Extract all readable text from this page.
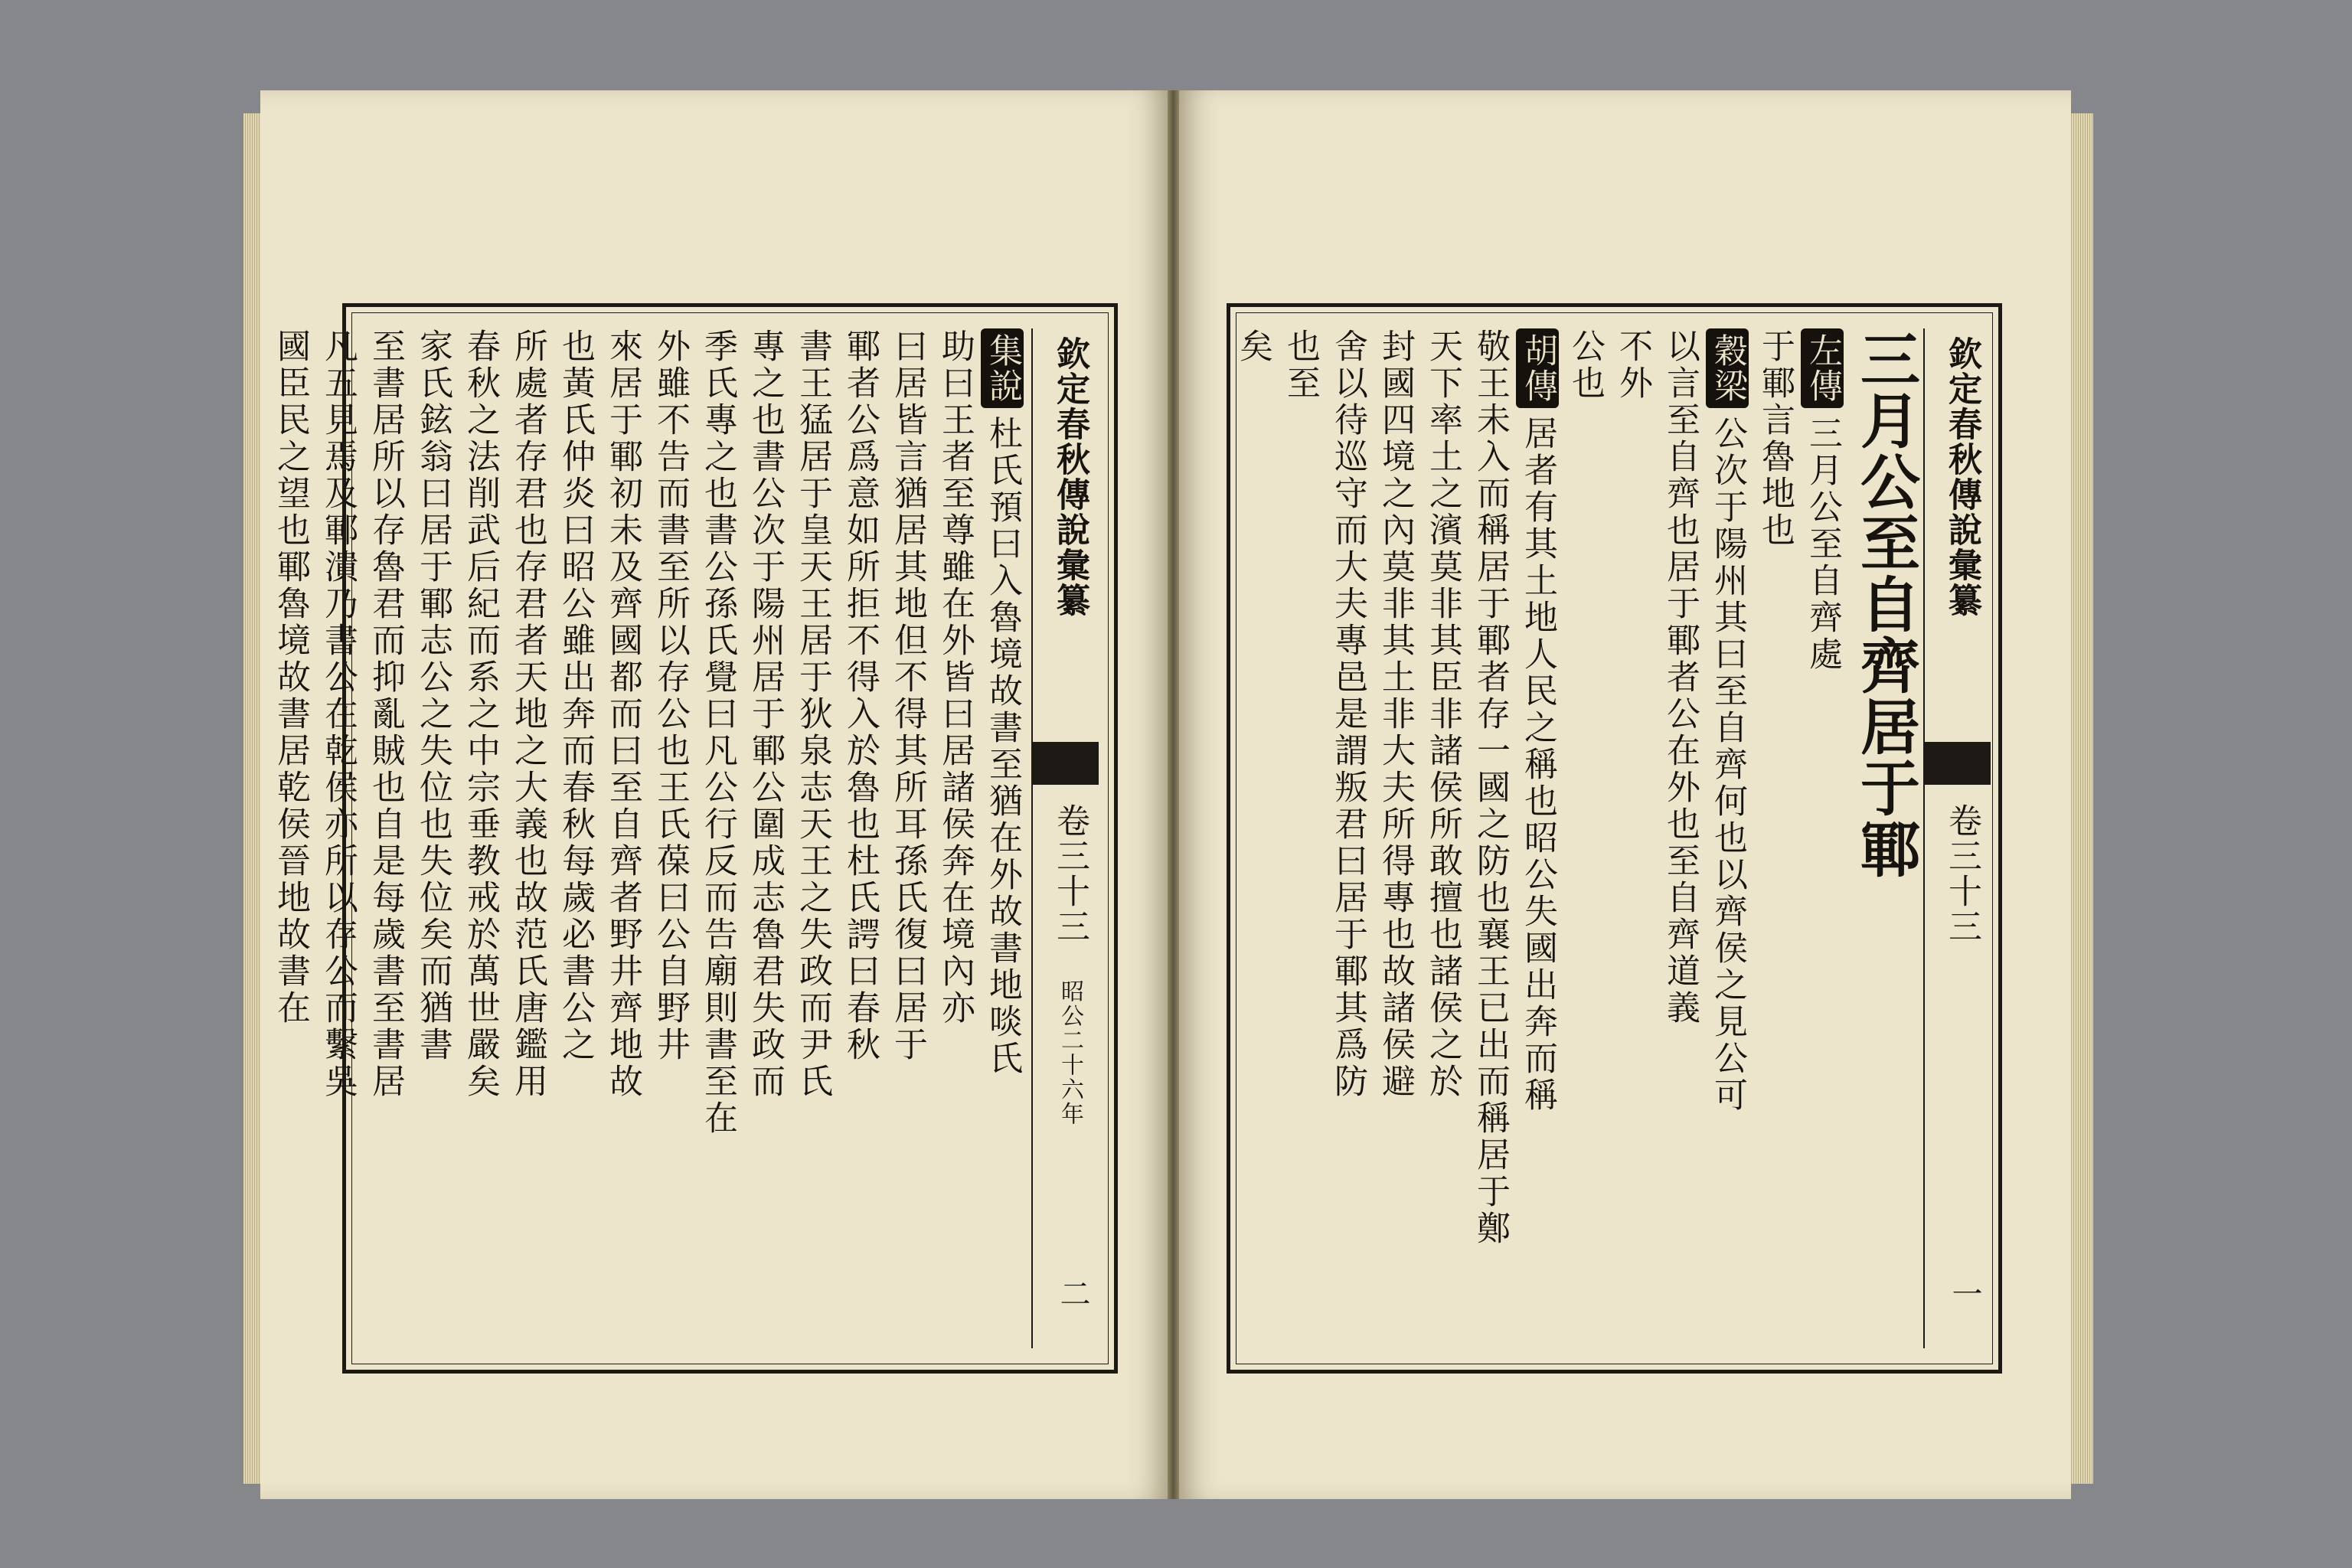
集說杜氏預曰入魯境故書至猶在外故書地啖氏
助曰王者至尊雖在外皆曰居諸侯奔在境內亦
曰居皆言猶居其地但不得其所耳孫氏復曰居于
鄆者公爲意如所拒不得入於魯也杜氏諤曰春秋
書王猛居于皇天王居于狄泉志天王之失政而尹氏
專之也書公次于陽州居于鄆公圍成志魯君失政而
季氏專之也書公孫氏覺曰凡公行反而告廟則書至在
外雖不告而書至所以存公也王氏葆曰公自野井
來居于鄆初未及齊國都而曰至自齊者野井齊地故
也黃氏仲炎曰昭公雖出奔而春秋每歲必書公之
所處者存君也存君者天地之大義也故范氏唐鑑用
春秋之法削武后紀而系之中宗垂教戒於萬世嚴矣
家氏鉉翁曰居于鄆志公之失位也失位矣而猶書
至書居所以存魯君而抑亂賊也自是每歲書至書居
凡五見焉及鄆潰乃書公在乾侯亦所以存公而繫吳
國臣民之望也鄆魯境故書居乾侯晉地故書在	欽定春秋傳說彙纂
卷三十三
昭公二十六年
二
三月公至自齊居于鄆
左傳三月公至自齊處
于鄆言魯地也
穀梁公次于陽州其曰至自齊何也以齊侯之見公可
以言至自齊也居于鄆者公在外也至自齊道義
不外
公也
胡傳居者有其土地人民之稱也昭公失國出奔而稱
敬王未入而稱居于鄆者存一國之防也襄王已出而稱居于鄭
天下率土之濱莫非其臣非諸侯所敢擅也諸侯之於
封國四境之內莫非其土非大夫所得專也故諸侯避
舍以待巡守而大夫專邑是謂叛君曰居于鄆其爲防
也至
矣	欽定春秋傳說彙纂
卷三十三
一
